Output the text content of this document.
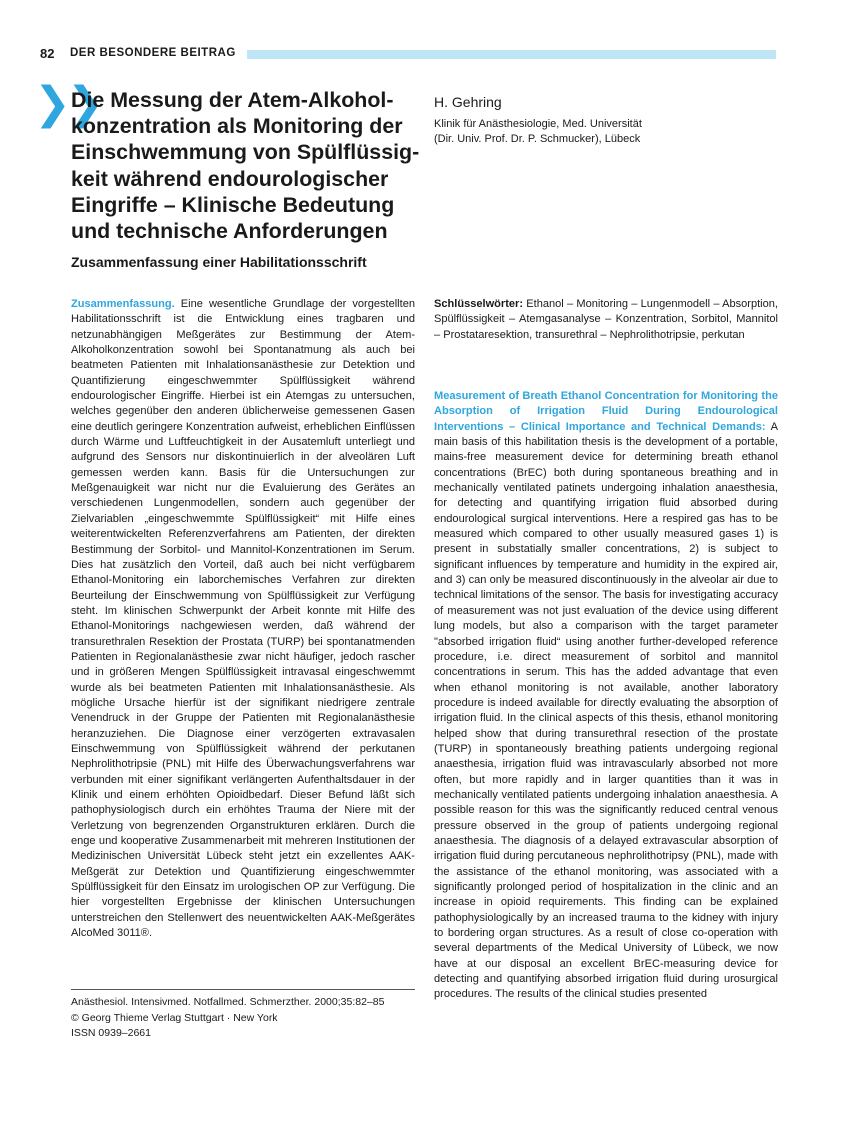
82 DER BESONDERE BEITRAG
❯❯
Die Messung der Atem-Alkohol-konzentration als Monitoring der Einschwemmung von Spülflüssig-keit während endourologischer Eingriffe – Klinische Bedeutung und technische Anforderungen
Zusammenfassung einer Habilitationsschrift
H. Gehring
Klinik für Anästhesiologie, Med. Universität
(Dir. Univ. Prof. Dr. P. Schmucker), Lübeck

Zusammenfassung. Eine wesentliche Grundlage der vorgestellten Habilitationsschrift ist die Entwicklung eines tragbaren und netzunabhängigen Meßgerätes zur Bestimmung der Atem-Alkoholkonzentration sowohl bei Spontanatmung als auch bei beatmeten Patienten mit Inhalationsanästhesie zur Detektion und Quantifizierung eingeschwemmter Spülflüssigkeit während endourologischer Eingriffe. Hierbei ist ein Atemgas zu untersuchen, welches gegenüber den anderen üblicherweise gemessenen Gasen eine deutlich geringere Konzentration aufweist, erheblichen Einflüssen durch Wärme und Luftfeuchtigkeit in der Ausatemluft unterliegt und aufgrund des Sensors nur diskontinuierlich in der alveolären Luft gemessen werden kann. Basis für die Untersuchungen zur Meßgenauigkeit war nicht nur die Evaluierung des Gerätes an verschiedenen Lungenmodellen, sondern auch gegenüber der Zielvariablen „eingeschwemmte Spülflüssigkeit“ mit Hilfe eines weiterentwickelten Referenzverfahrens am Patienten, der direkten Bestimmung der Sorbitol- und Mannitol-Konzentrationen im Serum. Dies hat zusätzlich den Vorteil, daß auch bei nicht verfügbarem Ethanol-Monitoring ein laborchemisches Verfahren zur direkten Beurteilung der Einschwemmung von Spülflüssigkeit zur Verfügung steht. Im klinischen Schwerpunkt der Arbeit konnte mit Hilfe des Ethanol-Monitorings nachgewiesen werden, daß während der transurethralen Resektion der Prostata (TURP) bei spontanatmenden Patienten in Regionalanästhesie zwar nicht häufiger, jedoch rascher und in größeren Mengen Spülflüssigkeit intravasal eingeschwemmt wurde als bei beatmeten Patienten mit Inhalationsanästhesie. Als mögliche Ursache hierfür ist der signifikant niedrigere zentrale Venendruck in der Gruppe der Patienten mit Regionalanästhesie heranzuziehen. Die Diagnose einer verzögerten extravasalen Einschwemmung von Spülflüssigkeit während der perkutanen Nephrolithotripsie (PNL) mit Hilfe des Überwachungsverfahrens war verbunden mit einer signifikant verlängerten Aufenthaltsdauer in der Klinik und einem erhöhten Opioidbedarf. Dieser Befund läßt sich pathophysiologisch durch ein erhöhtes Trauma der Niere mit der Verletzung von begrenzenden Organstrukturen erklären. Durch die enge und kooperative Zusammenarbeit mit mehreren Institutionen der Medizinischen Universität Lübeck steht jetzt ein exzellentes AAK-Meßgerät zur Detektion und Quantifizierung eingeschwemmter Spülflüssigkeit für den Einsatz im urologischen OP zur Verfügung. Die hier vorgestellten Ergebnisse der klinischen Untersuchungen unterstreichen den Stellenwert des neuentwickelten AAK-Meßgerätes AlcoMed 3011®.

Schlüsselwörter: Ethanol – Monitoring – Lungenmodell – Absorption, Spülflüssigkeit – Atemgasanalyse – Konzentration, Sorbitol, Mannitol – Prostataresektion, transurethral – Nephrolithotripsie, perkutan

Measurement of Breath Ethanol Concentration for Monitoring the Absorption of Irrigation Fluid During Endourological Interventions – Clinical Importance and Technical Demands: A main basis of this habilitation thesis is the development of a portable, mains-free measurement device for determining breath ethanol concentrations (BrEC) both during spontaneous breathing and in mechanically ventilated patinets undergoing inhalation anaesthesia, for detecting and quantifying irrigation fluid absorbed during endourological surgical interventions. Here a respired gas has to be measured which compared to other usually measured gases 1) is present in substatially smaller concentrations, 2) is subject to significant influences by temperature and humidity in the expired air, and 3) can only be measured discontinuously in the alveolar air due to technical limitations of the sensor. The basis for investigating accuracy of measurement was not just evaluation of the device using different lung models, but also a comparison with the target parameter "absorbed irrigation fluid“ using another further-developed reference procedure, i.e. direct measurement of sorbitol and mannitol concentrations in serum. This has the added advantage that even when ethanol monitoring is not available, another laboratory procedure is indeed available for directly evaluating the absorption of irrigation fluid. In the clinical aspects of this thesis, ethanol monitoring helped show that during transurethral resection of the prostate (TURP) in spontaneously breathing patients undergoing regional anaesthesia, irrigation fluid was intravascularly absorbed not more often, but more rapidly and in larger quantities than it was in mechanically ventilated patients undergoing inhalation anaesthesia. A possible reason for this was the significantly reduced central venous pressure observed in the group of patients undergoing regional anaesthesia. The diagnosis of a delayed extravascular absorption of irrigation fluid during percutaneous nephrolithotripsy (PNL), made with the assistance of the ethanol monitoring, was associated with a significantly prolonged period of hospitalization in the clinic and an increase in opioid requirements. This finding can be explained pathophysiologically by an increased trauma to the kidney with injury to bordering organ structures. As a result of close co-operation with several departments of the Medical University of Lübeck, we now have at our disposal an excellent BrEC-measuring device for detecting and quantifying absorbed irrigation fluid during urosurgical procedures. The results of the clinical studies presented

Anästhesiol. Intensivmed. Notfallmed. Schmerzther. 2000;35:82–85
© Georg Thieme Verlag Stuttgart · New York
ISSN 0939–2661
